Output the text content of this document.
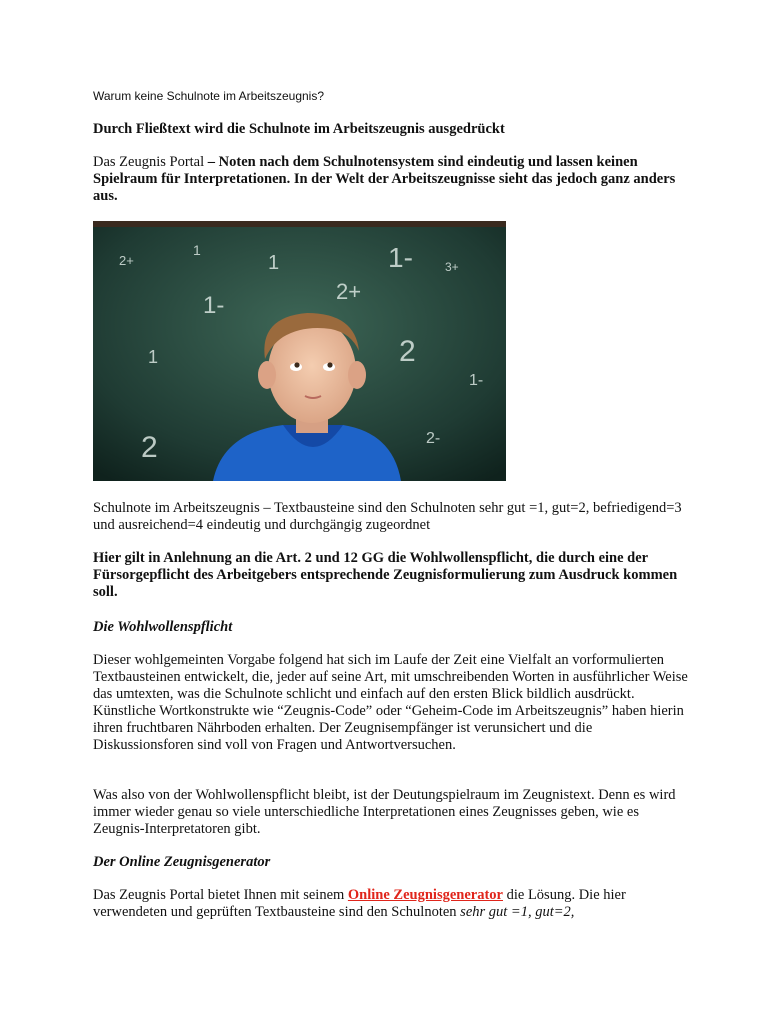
Warum keine Schulnote im Arbeitszeugnis?
Durch Fließtext wird die Schulnote im Arbeitszeugnis ausgedrückt

Das Zeugnis Portal – Noten nach dem Schulnotensystem sind eindeutig und lassen keinen Spielraum für Interpretationen. In der Welt der Arbeitszeugnisse sieht das jedoch ganz anders aus.

2+
1
1	1-	3+
2+
1-
2
1
1-
2	2-

Schulnote im Arbeitszeugnis – Textbausteine sind den Schulnoten sehr gut =1, gut=2, befriedigend=3 und ausreichend=4 eindeutig und durchgängig zugeordnet

Hier gilt in Anlehnung an die Art. 2 und 12 GG die Wohlwollenspflicht, die durch eine der Fürsorgepflicht des Arbeitgebers entsprechende Zeugnisformulierung zum Ausdruck kommen soll.

Die Wohlwollenspflicht

Dieser wohlgemeinten Vorgabe folgend hat sich im Laufe der Zeit eine Vielfalt an vorformulierten Textbausteinen entwickelt, die, jeder auf seine Art, mit umschreibenden Worten in ausführlicher Weise das umtexten, was die Schulnote schlicht und einfach auf den ersten Blick bildlich ausdrückt. Künstliche Wortkonstrukte wie “Zeugnis-Code” oder “Geheim-Code im Arbeitszeugnis” haben hierin ihren fruchtbaren Nährboden erhalten. Der Zeugnisempfänger ist verunsichert und die Diskussionsforen sind voll von Fragen und Antwortversuchen.

Was also von der Wohlwollenspflicht bleibt, ist der Deutungspielraum im Zeugnistext. Denn es wird immer wieder genau so viele unterschiedliche Interpretationen eines Zeugnisses geben, wie es Zeugnis-Interpretatoren gibt.

Der Online Zeugnisgenerator

Das Zeugnis Portal bietet Ihnen mit seinem Online Zeugnisgenerator die Lösung. Die hier verwendeten und geprüften Textbausteine sind den Schulnoten sehr gut =1, gut=2,
